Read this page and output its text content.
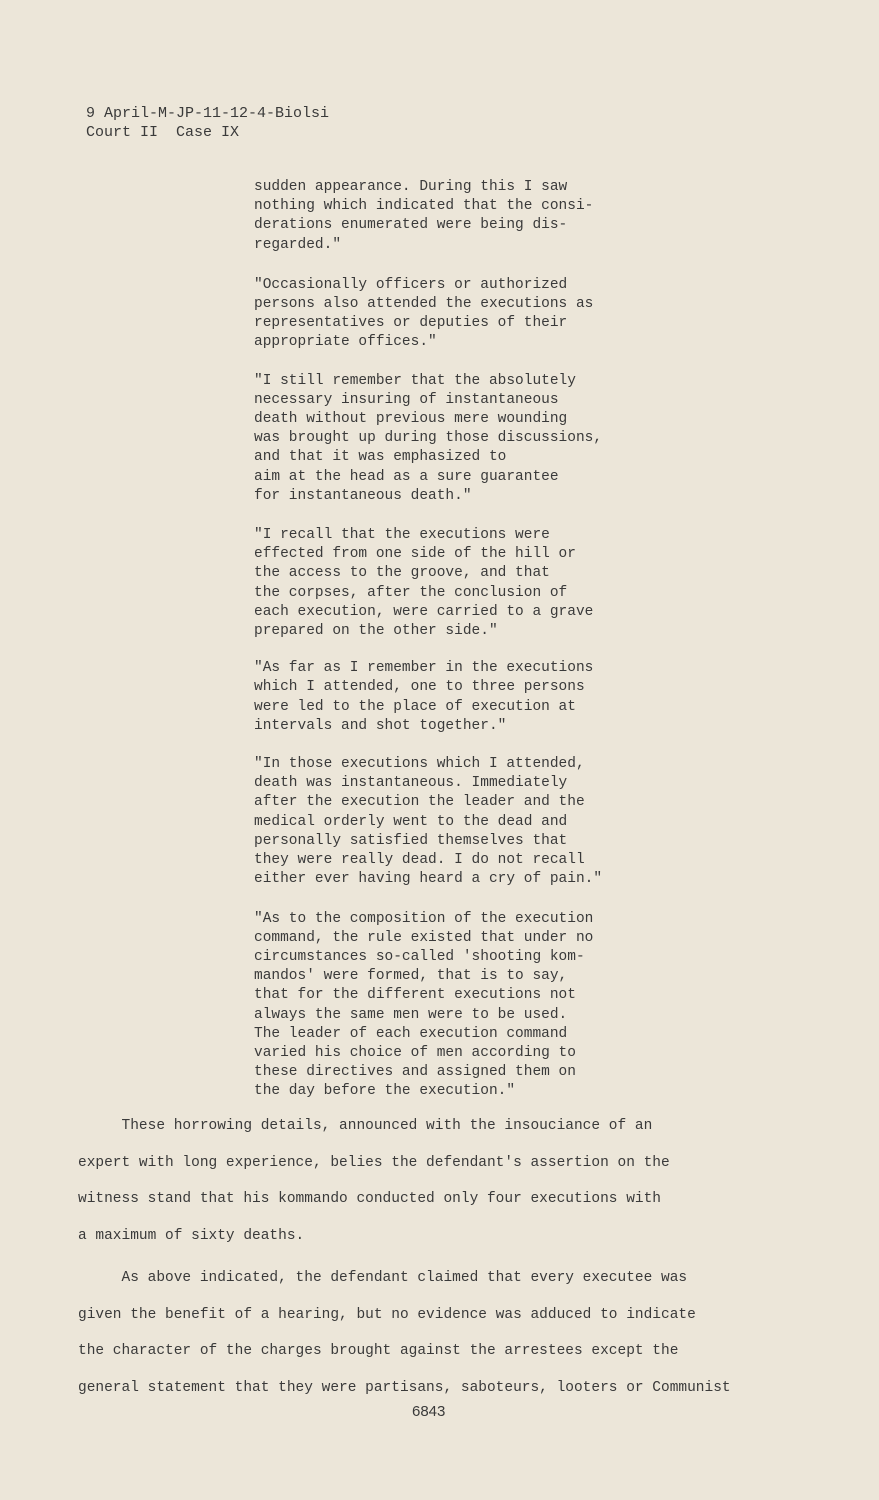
9 April-M-JP-11-12-4-Biolsi
Court II  Case IX
sudden appearance. During this I saw
nothing which indicated that the consi-
derations enumerated were being dis-
regarded."
"Occasionally officers or authorized
persons also attended the executions as
representatives or deputies of their
appropriate offices."
"I still remember that the absolutely
necessary insuring of instantaneous
death without previous mere wounding
was brought up during those discussions,
and that it was emphasized to
aim at the head as a sure guarantee
for instantaneous death."
"I recall that the executions were
effected from one side of the hill or
the access to the groove, and that
the corpses, after the conclusion of
each execution, were carried to a grave
prepared on the other side."
"As far as I remember in the executions
which I attended, one to three persons
were led to the place of execution at
intervals and shot together."
"In those executions which I attended,
death was instantaneous. Immediately
after the execution the leader and the
medical orderly went to the dead and
personally satisfied themselves that
they were really dead. I do not recall
either ever having heard a cry of pain."
"As to the composition of the execution
command, the rule existed that under no
circumstances so-called 'shooting kom-
mandos' were formed, that is to say,
that for the different executions not
always the same men were to be used.
The leader of each execution command
varied his choice of men according to
these directives and assigned them on
the day before the execution."
These horrowing details, announced with the insouciance of an
expert with long experience, belies the defendant's assertion on the
witness stand that his kommando conducted only four executions with
a maximum of sixty deaths.
As above indicated, the defendant claimed that every executee was
given the benefit of a hearing, but no evidence was adduced to indicate
the character of the charges brought against the arrestees except the
general statement that they were partisans, saboteurs, looters or Communist
6843
